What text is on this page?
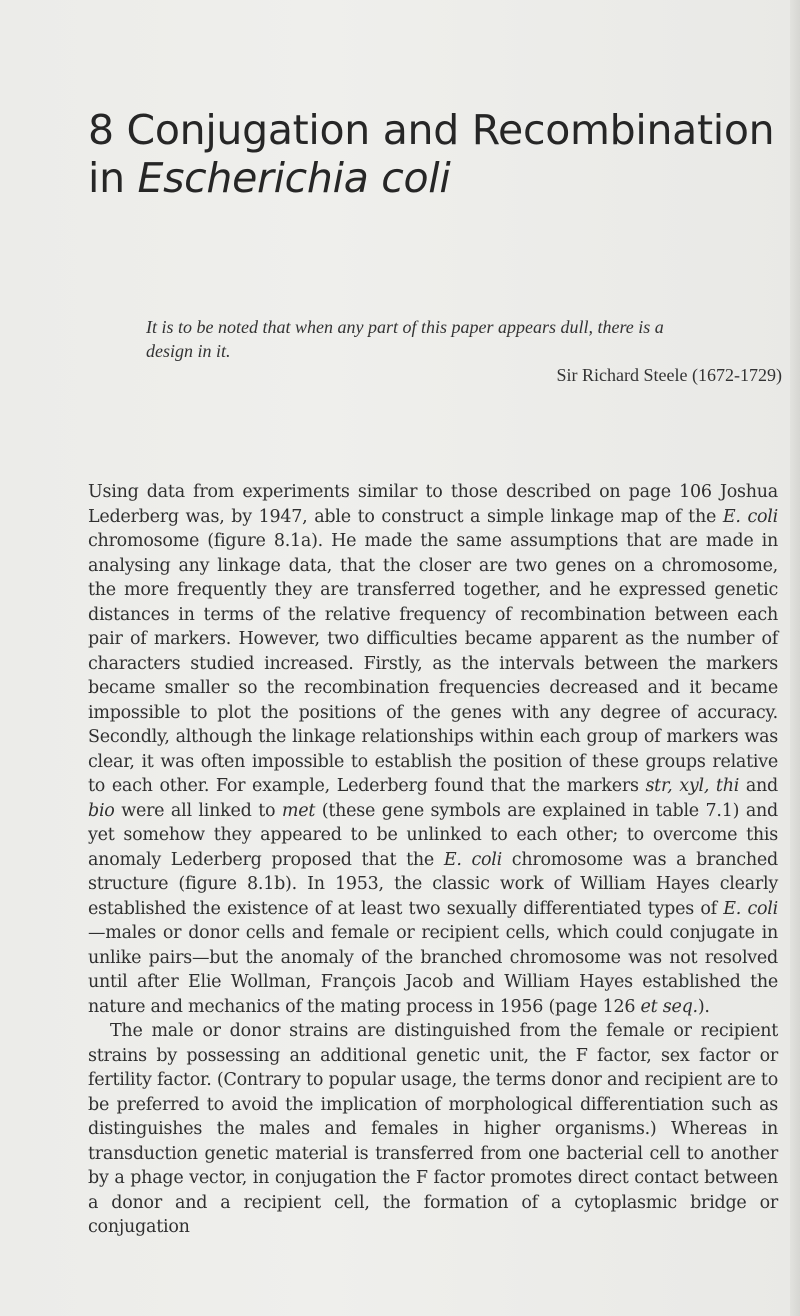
8 Conjugation and Recombination
in Escherichia coli

It is to be noted that when any part of this paper appears dull, there is a design in it.

Sir Richard Steele (1672-1729)

Using data from experiments similar to those described on page 106 Joshua Lederberg was, by 1947, able to construct a simple linkage map of the E. coli chromosome (figure 8.1a). He made the same assumptions that are made in analysing any linkage data, that the closer are two genes on a chromosome, the more frequently they are transferred together, and he expressed genetic distances in terms of the relative frequency of recombination between each pair of markers. However, two difficulties became apparent as the number of characters studied increased. Firstly, as the intervals between the markers became smaller so the recombination frequencies decreased and it became impossible to plot the positions of the genes with any degree of accuracy. Secondly, although the linkage relationships within each group of markers was clear, it was often impossible to establish the position of these groups relative to each other. For example, Lederberg found that the markers str, xyl, thi and bio were all linked to met (these gene symbols are explained in table 7.1) and yet somehow they appeared to be unlinked to each other; to overcome this anomaly Lederberg proposed that the E. coli chromosome was a branched structure (figure 8.1b). In 1953, the classic work of William Hayes clearly established the existence of at least two sexually differentiated types of E. coli—males or donor cells and female or recipient cells, which could conjugate in unlike pairs—but the anomaly of the branched chromosome was not resolved until after Elie Wollman, François Jacob and William Hayes established the nature and mechanics of the mating process in 1956 (page 126 et seq.).

The male or donor strains are distinguished from the female or recipient strains by possessing an additional genetic unit, the F factor, sex factor or fertility factor. (Contrary to popular usage, the terms donor and recipient are to be preferred to avoid the implication of morphological differentiation such as distinguishes the males and females in higher organisms.) Whereas in transduction genetic material is transferred from one bacterial cell to another by a phage vector, in conjugation the F factor promotes direct contact between a donor and a recipient cell, the formation of a cytoplasmic bridge or conjugation
